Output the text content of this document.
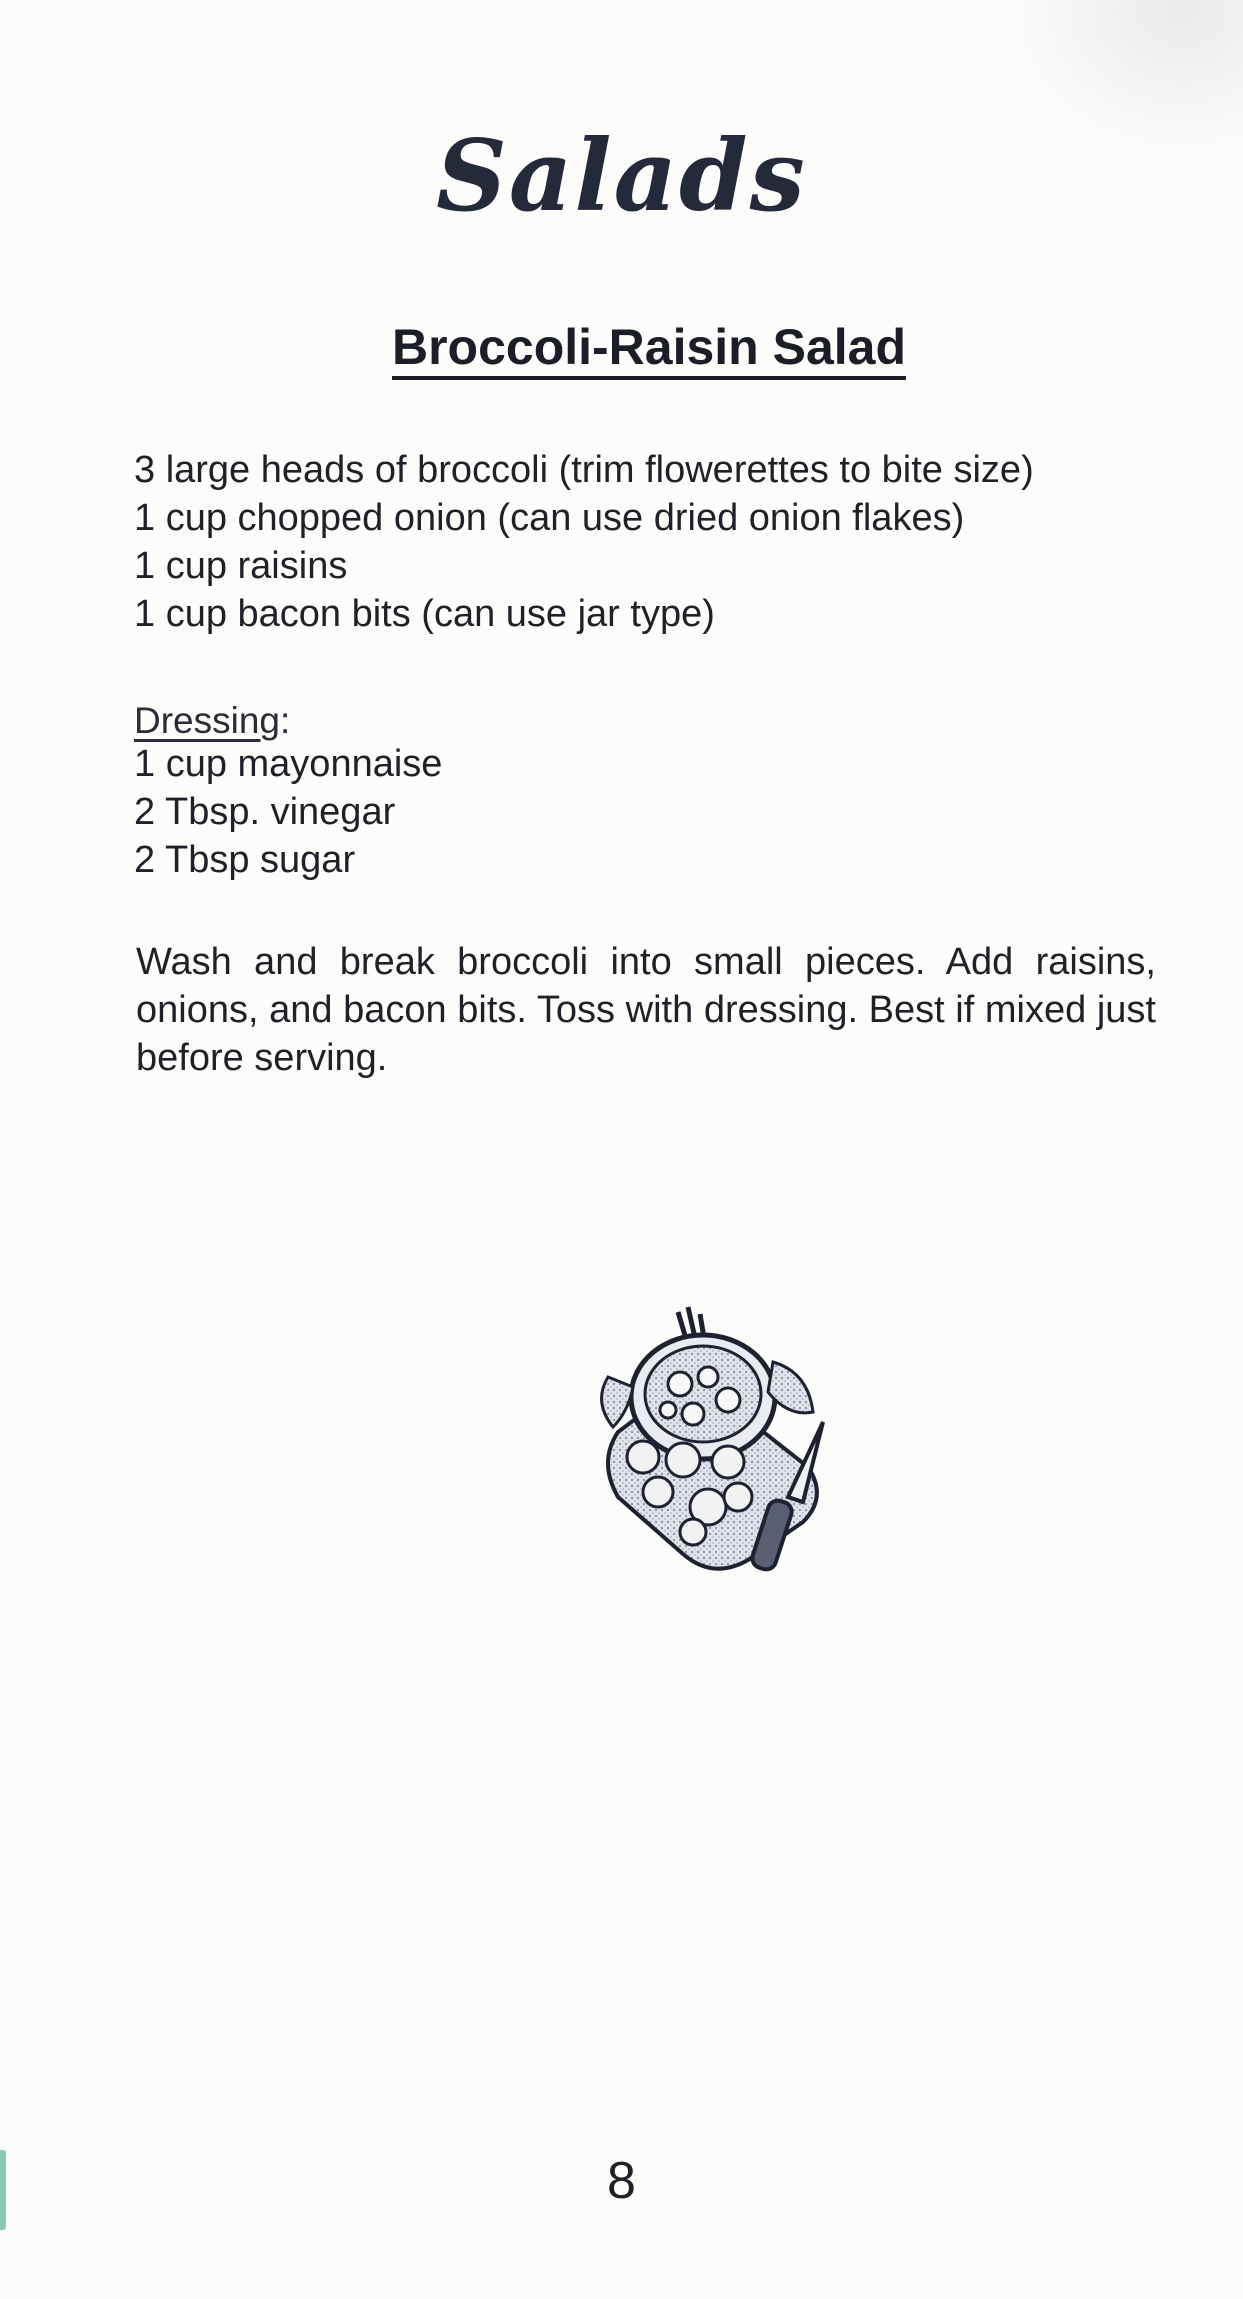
Salads
Broccoli-Raisin Salad
3 large heads of broccoli (trim flowerettes to bite size)
1 cup chopped onion (can use dried onion flakes)
1 cup raisins
1 cup bacon bits (can use jar type)
Dressing:
1 cup mayonnaise
2 Tbsp. vinegar
2 Tbsp sugar

Wash and break broccoli into small pieces. Add raisins, onions, and bacon bits. Toss with dressing. Best if mixed just before serving.

8
